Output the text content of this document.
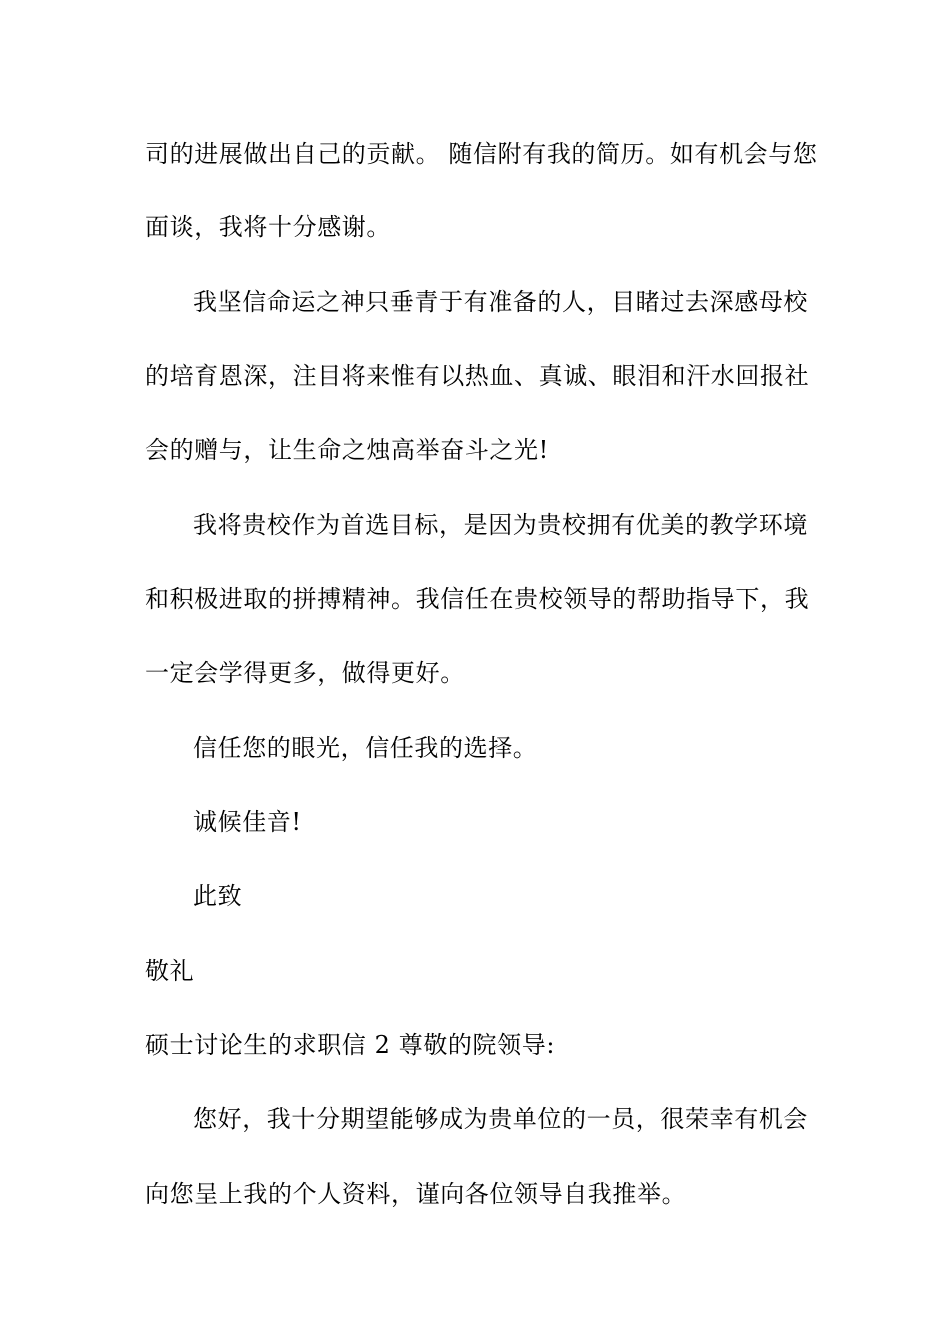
司的进展做出自己的贡献。 随信附有我的简历。如有机会与您
面谈，我将十分感谢。
我坚信命运之神只垂青于有准备的人，目睹过去深感母校
的培育恩深，注目将来惟有以热血、真诚、眼泪和汗水回报社
会的赠与，让生命之烛高举奋斗之光!
我将贵校作为首选目标，是因为贵校拥有优美的教学环境
和积极进取的拼搏精神。我信任在贵校领导的帮助指导下，我
一定会学得更多，做得更好。
信任您的眼光，信任我的选择。
诚候佳音!
此致
敬礼
硕士讨论生的求职信 2 尊敬的院领导:
您好，我十分期望能够成为贵单位的一员，很荣幸有机会
向您呈上我的个人资料，谨向各位领导自我推举。
